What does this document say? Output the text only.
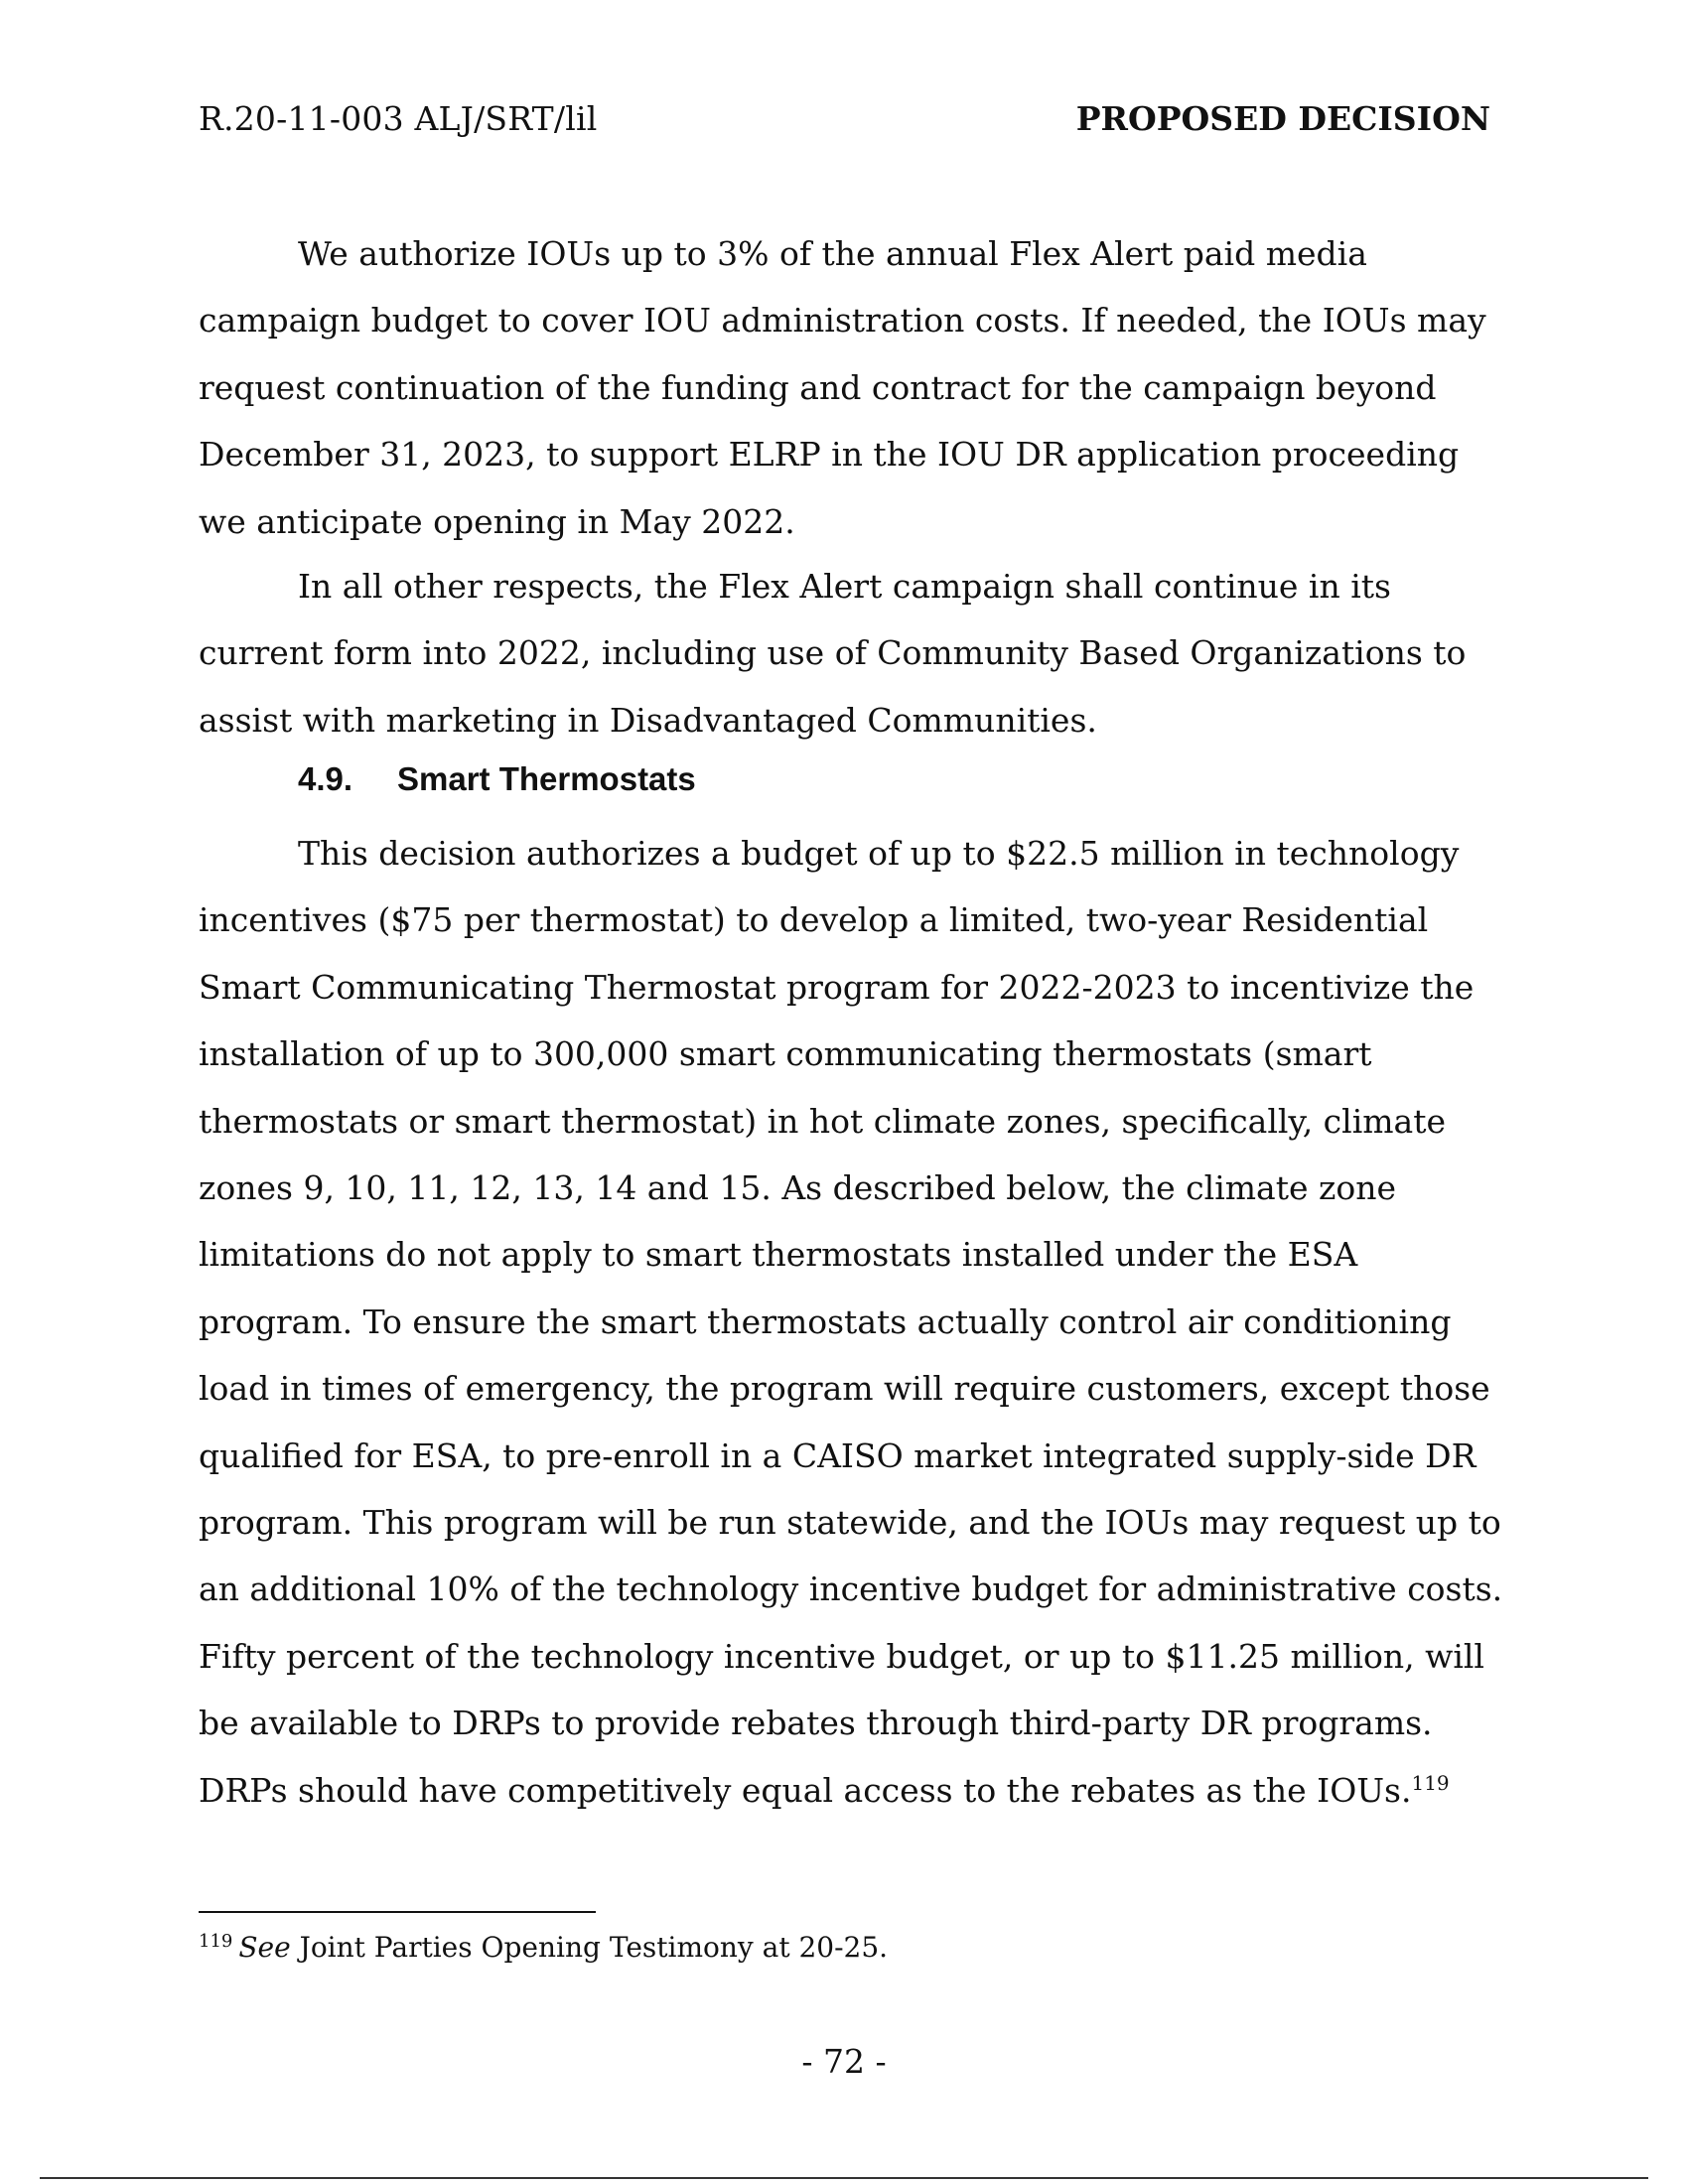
R.20-11-003 ALJ/SRT/lil	PROPOSED DECISION

We authorize IOUs up to 3% of the annual Flex Alert paid media campaign budget to cover IOU administration costs. If needed, the IOUs may request continuation of the funding and contract for the campaign beyond December 31, 2023, to support ELRP in the IOU DR application proceeding we anticipate opening in May 2022.

In all other respects, the Flex Alert campaign shall continue in its current form into 2022, including use of Community Based Organizations to assist with marketing in Disadvantaged Communities.

4.9. Smart Thermostats

This decision authorizes a budget of up to $22.5 million in technology incentives ($75 per thermostat) to develop a limited, two-year Residential Smart Communicating Thermostat program for 2022-2023 to incentivize the installation of up to 300,000 smart communicating thermostats (smart thermostats or smart thermostat) in hot climate zones, specifically, climate zones 9, 10, 11, 12, 13, 14 and 15. As described below, the climate zone limitations do not apply to smart thermostats installed under the ESA program. To ensure the smart thermostats actually control air conditioning load in times of emergency, the program will require customers, except those qualified for ESA, to pre-enroll in a CAISO market integrated supply-side DR program. This program will be run statewide, and the IOUs may request up to an additional 10% of the technology incentive budget for administrative costs. Fifty percent of the technology incentive budget, or up to $11.25 million, will be available to DRPs to provide rebates through third-party DR programs. DRPs should have competitively equal access to the rebates as the IOUs.$^{119}$

$^{119}$ See Joint Parties Opening Testimony at 20-25.
- 72 -
